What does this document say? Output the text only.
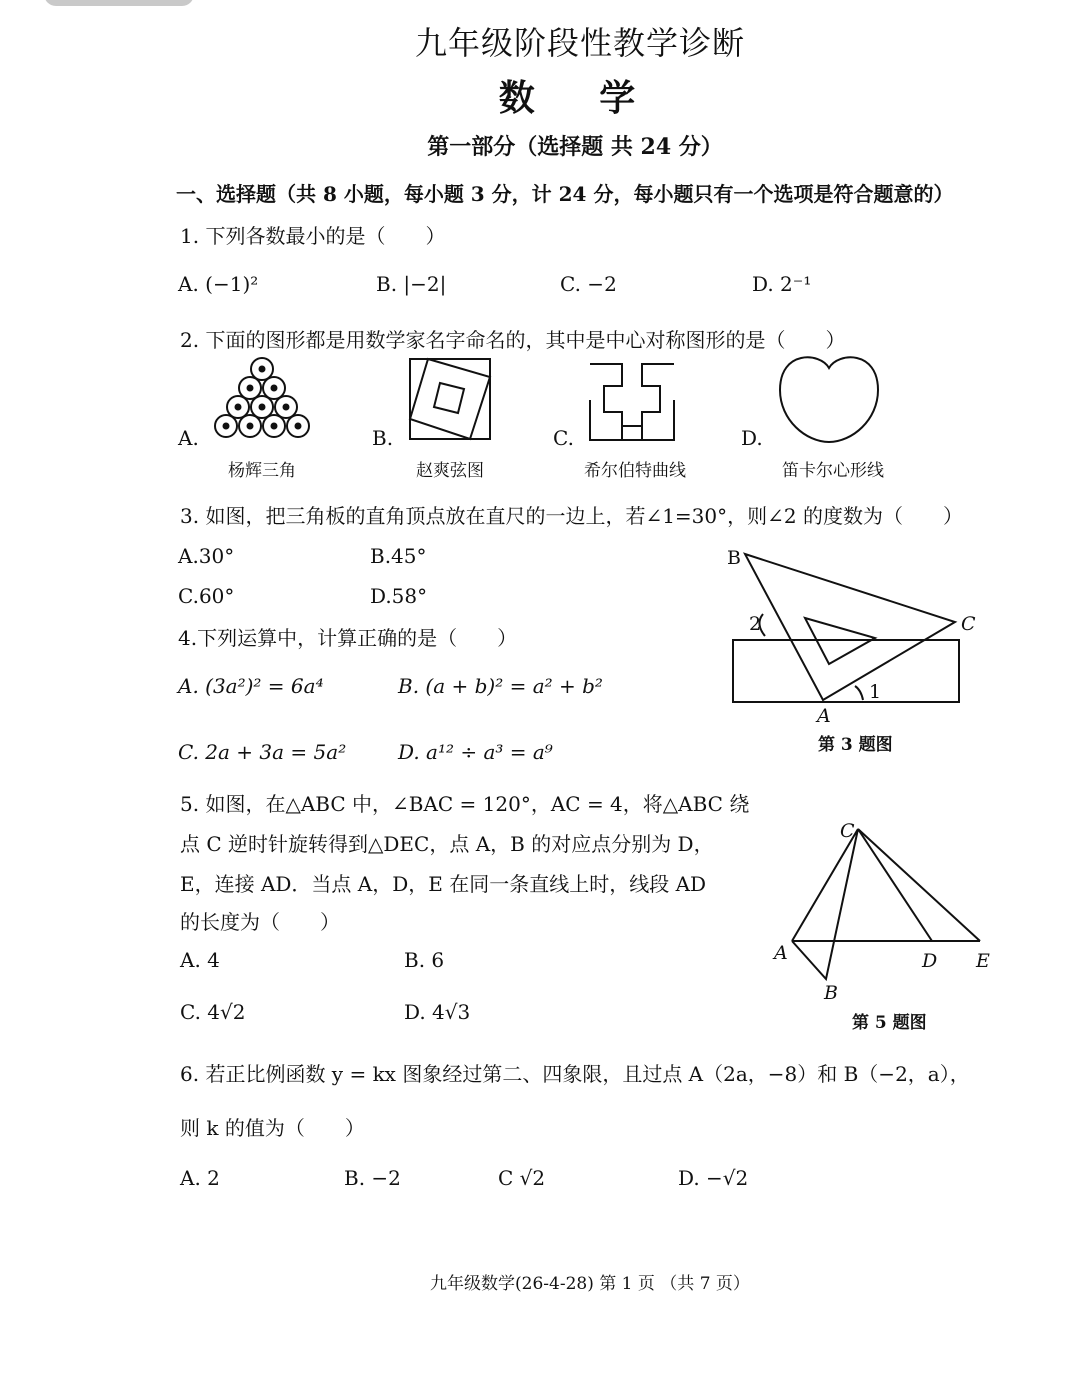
九年级阶段性教学诊断
数 学
第一部分（选择题 共 24 分）
一、选择题（共 8 小题，每小题 3 分，计 24 分，每小题只有一个选项是符合题意的）
1. 下列各数最小的是（　　）
A. (−1)²	B. |−2|	C. −2	D. 2⁻¹
2. 下面的图形都是用数学家名字命名的，其中是中心对称图形的是（　　）
A.	B.	C.	D.
杨辉三角	赵爽弦图	希尔伯特曲线	笛卡尔心形线
3. 如图，把三角板的直角顶点放在直尺的一边上，若∠1=30°，则∠2 的度数为（　　）
A.30°	B.45°
C.60°	D.58°
B
C
A
2
1
第 3 题图
4.下列运算中，计算正确的是（　　）
A. (3a²)² = 6a⁴	B. (a + b)² = a² + b²
C. 2a + 3a = 5a²	D. a¹² ÷ a³ = a⁹
5. 如图，在△ABC 中，∠BAC = 120°，AC = 4，将△ABC 绕
点 C 逆时针旋转得到△DEC，点 A，B 的对应点分别为 D，
E，连接 AD．当点 A，D，E 在同一条直线上时，线段 AD
的长度为（　　）
A. 4	B. 6
C. 4√2	D. 4√3
C
A	D E
B
第 5 题图
6. 若正比例函数 y = kx 图象经过第二、四象限，且过点 A（2a，−8）和 B（−2，a），
则 k 的值为（　　）
A. 2	B. −2	C √2	D. −√2
九年级数学(26-4-28) 第 1 页 （共 7 页）
